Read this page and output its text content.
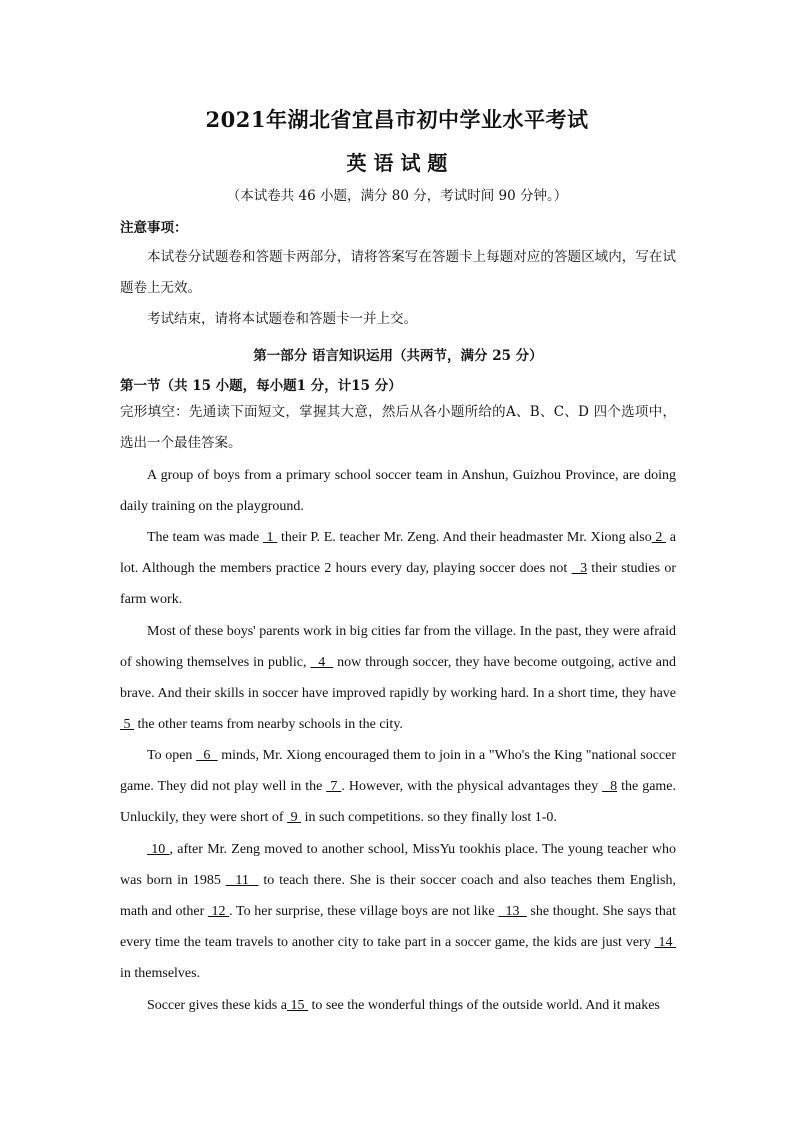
2021年湖北省宜昌市初中学业水平考试
英 语 试 题
（本试卷共 46 小题，满分 80 分，考试时间 90 分钟。）
注意事项：
本试卷分试题卷和答题卡两部分，请将答案写在答题卡上每题对应的答题区域内，写在试题卷上无效。
考试结束，请将本试题卷和答题卡一并上交。
第一部分 语言知识运用（共两节，满分 25 分）
第一节（共 15 小题，每小题1 分，计15 分）
完形填空：先通读下面短文，掌握其大意，然后从各小题所给的A、B、C、D 四个选项中，选出一个最佳答案。
A group of boys from a primary school soccer team in Anshun, Guizhou Province, are doing daily training on the playground.
The team was made  1  their P. E. teacher Mr. Zeng. And their headmaster Mr. Xiong also 2  a lot. Although the members practice 2 hours every day, playing soccer does not   3 their studies or farm work.
Most of these boys' parents work in big cities far from the village. In the past, they were afraid of showing themselves in public,   4   now through soccer, they have become outgoing, active and brave. And their skills in soccer have improved rapidly by working hard. In a short time, they have  5  the other teams from nearby schools in the city.
To open   6   minds, Mr. Xiong encouraged them to join in a "Who's the King "national soccer game. They did not play well in the  7 . However, with the physical advantages they   8 the game. Unluckily, they were short of  9  in such competitions. so they finally lost 1-0.
10 , after Mr. Zeng moved to another school, MissYu tookhis place. The young teacher who was born in 1985   11   to teach there. She is their soccer coach and also teaches them English, math and other  12 . To her surprise, these village boys are not like   13   she thought. She says that every time the team travels to another city to take part in a soccer game, the kids are just very  14  in themselves.
Soccer gives these kids a 15  to see the wonderful things of the outside world. And it makes
